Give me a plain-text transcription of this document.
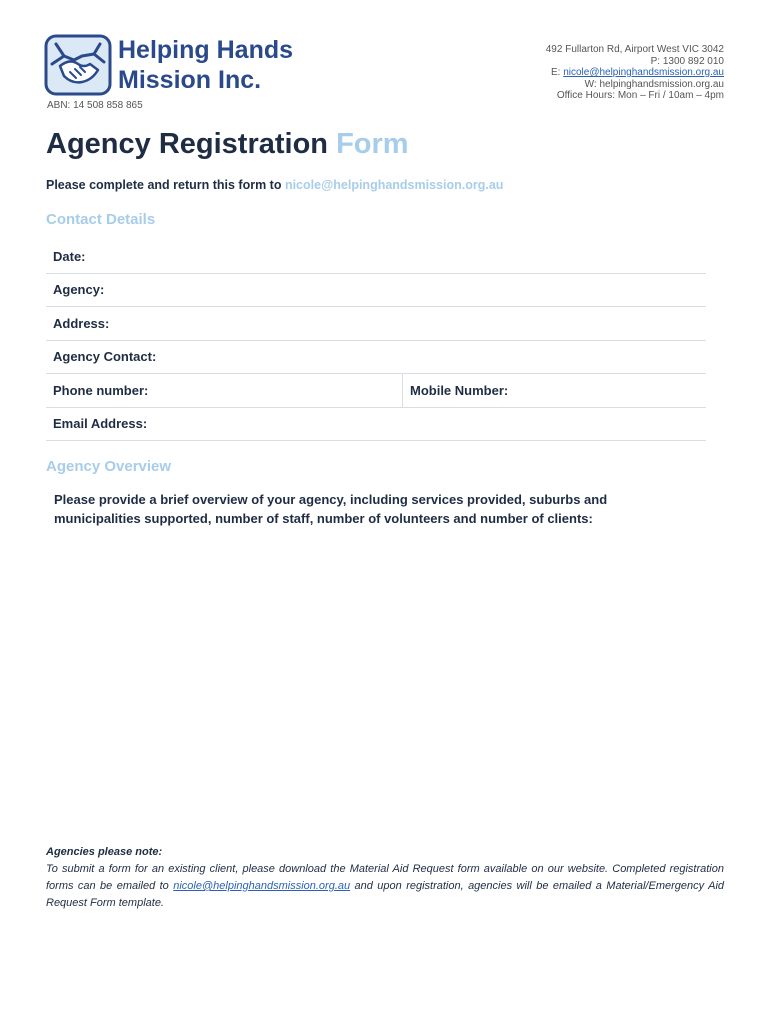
Helping Hands
Mission Inc.
ABN: 14 508 858 865
492 Fullarton Rd, Airport West VIC 3042
P: 1300 892 010
E: nicole@helpinghandsmission.org.au
W: helpinghandsmission.org.au
Office Hours: Mon – Fri / 10am – 4pm
Agency Registration Form
Please complete and return this form to nicole@helpinghandsmission.org.au
Contact Details
Date:
Agency:
Address:
Agency Contact:
Phone number:	Mobile Number:
Email Address:
Agency Overview
Please provide a brief overview of your agency, including services provided, suburbs and municipalities supported, number of staff, number of volunteers and number of clients:
Agencies please note:
To submit a form for an existing client, please download the Material Aid Request form available on our website. Completed registration forms can be emailed to nicole@helpinghandsmission.org.au and upon registration, agencies will be emailed a Material/Emergency Aid Request Form template.
